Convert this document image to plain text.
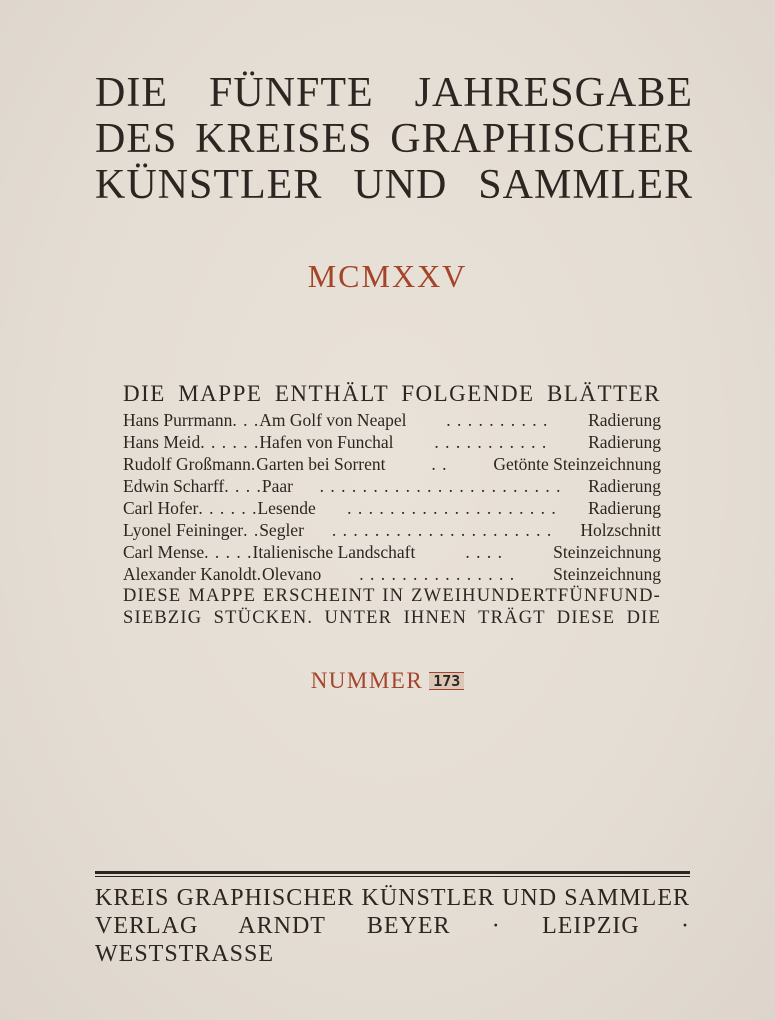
DIE FÜNFTE JAHRESGABE
DES KREISES GRAPHISCHER
KÜNSTLER UND SAMMLER
MCMXXV
DIE MAPPE ENTHÄLT FOLGENDE BLÄTTER
Hans Purrmann . . . Am Golf von Neapel	. . . . . . . . . .	Radierung
Hans Meid . . . . . . Hafen von Funchal	. . . . . . . . . . .	Radierung
Rudolf Großmann . Garten bei Sorrent	. .	Getönte Steinzeichnung
Edwin Scharff . . . . Paar	. . . . . . . . . . . . . . . . . . . . . . .	Radierung
Carl Hofer . . . . . . Lesende	. . . . . . . . . . . . . . . . . . . .	Radierung
Lyonel Feininger . . Segler	. . . . . . . . . . . . . . . . . . . . .	Holzschnitt
Carl Mense . . . . . Italienische Landschaft	. . . .	Steinzeichnung
Alexander Kanoldt . Olevano	. . . . . . . . . . . . . . .	Steinzeichnung
DIESE MAPPE ERSCHEINT IN ZWEIHUNDERTFÜNFUND-
SIEBZIG STÜCKEN. UNTER IHNEN TRÄGT DIESE DIE
NUMMER 173
KREIS GRAPHISCHER KÜNSTLER UND SAMMLER
VERLAG ARNDT BEYER · LEIPZIG · WESTSTRASSE
